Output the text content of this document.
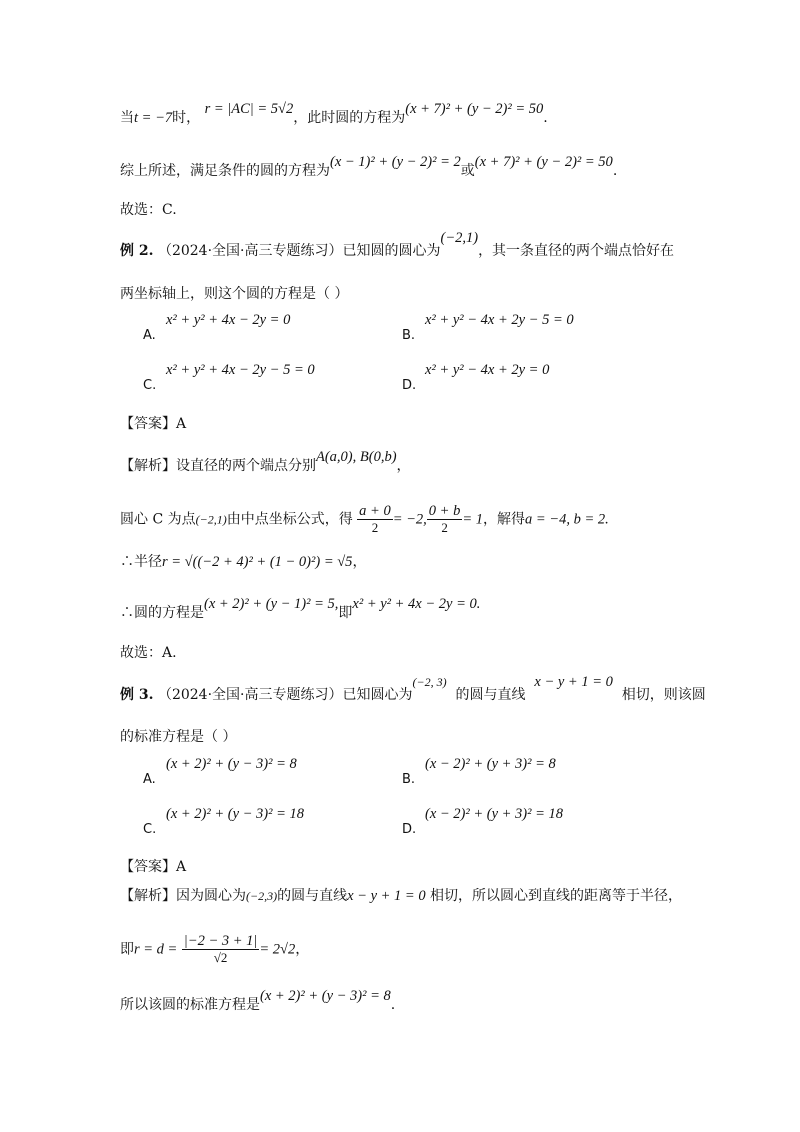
当t = −7时， r = |AC| = 5√2，此时圆的方程为(x + 7)² + (y − 2)² = 50.
综上所述，满足条件的圆的方程为(x − 1)² + (y − 2)² = 2或(x + 7)² + (y − 2)² = 50.
故选：C.
例 2. （2024·全国·高三专题练习）已知圆的圆心为(−2,1)，其一条直径的两个端点恰好在
两坐标轴上，则这个圆的方程是（ ）
A.
x² + y² + 4x − 2y = 0
B.
x² + y² − 4x + 2y − 5 = 0
C.
x² + y² + 4x − 2y − 5 = 0
D.
x² + y² − 4x + 2y = 0
【答案】A
【解析】设直径的两个端点分别A(a,0), B(0,b)，
圆心 C 为点(−2,1)由中点坐标公式，得 $\frac{a + 0}{2} = -2$, $\frac{0 + b}{2} = 1$，解得a = −4, b = 2.
∴半径r = √((−2 + 4)² + (1 − 0)²) = √5，
∴圆的方程是(x + 2)² + (y − 1)² = 5,即x² + y² + 4x − 2y = 0.
故选：A.
例 3. （2024·全国·高三专题练习）已知圆心为(−2, 3)  的圆与直线  x − y + 1 = 0  相切，则该圆
的标准方程是（ ）
A.
(x + 2)² + (y − 3)² = 8
B.
(x − 2)² + (y + 3)² = 8
C.
(x + 2)² + (y − 3)² = 18
D.
(x − 2)² + (y + 3)² = 18
【答案】A
【解析】因为圆心为(−2,3)的圆与直线x − y + 1 = 0 相切，所以圆心到直线的距离等于半径，
即$r = d = \frac{|-2 - 3 + 1|}{√2} = 2√2$，
所以该圆的标准方程是(x + 2)² + (y − 3)² = 8.
